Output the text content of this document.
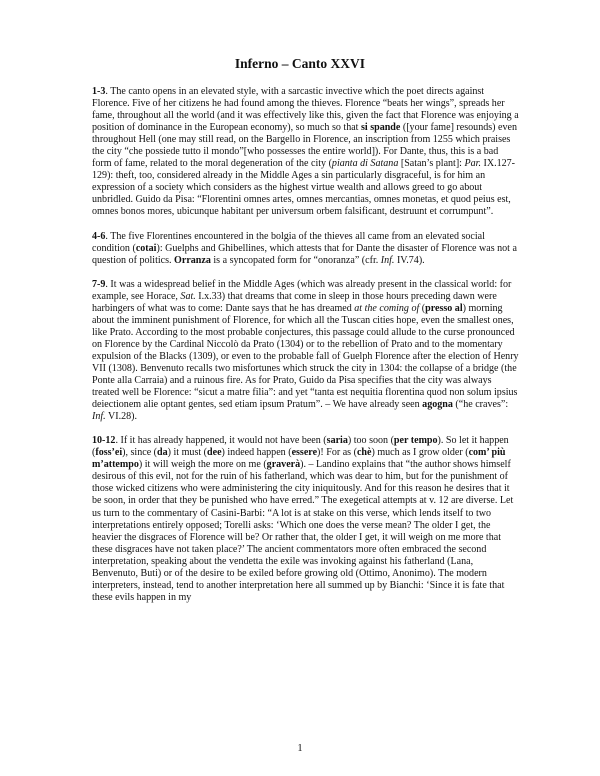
Inferno – Canto XXVI

1-3. The canto opens in an elevated style, with a sarcastic invective which the poet directs against Florence. Five of her citizens he had found among the thieves. Florence “beats her wings”, spreads her fame, throughout all the world (and it was effectively like this, given the fact that Florence was enjoying a position of dominance in the European economy), so much so that si spande ([your fame] resounds) even throughout Hell (one may still read, on the Bargello in Florence, an inscription from 1255 which praises the city “che possiede tutto il mondo”[who possesses the entire world]). For Dante, thus, this is a bad form of fame, related to the moral degeneration of the city (pianta di Satana [Satan’s plant]: Par. IX.127-129): theft, too, considered already in the Middle Ages a sin particularly disgraceful, is for him an expression of a society which considers as the highest virtue wealth and allows greed to go about unbridled. Guido da Pisa: “Florentini omnes artes, omnes mercantias, omnes monetas, et quod peius est, omnes bonos mores, ubicunque habitant per universum orbem falsificant, destruunt et corrumpunt”.

4-6. The five Florentines encountered in the bolgia of the thieves all came from an elevated social condition (cotai): Guelphs and Ghibellines, which attests that for Dante the disaster of Florence was not a question of politics. Orranza is a syncopated form for “onoranza” (cfr. Inf. IV.74).

7-9. It was a widespread belief in the Middle Ages (which was already present in the classical world: for example, see Horace, Sat. I.x.33) that dreams that come in sleep in those hours preceding dawn were harbingers of what was to come: Dante says that he has dreamed at the coming of (presso al) morning about the imminent punishment of Florence, for which all the Tuscan cities hope, even the smallest ones, like Prato. According to the most probable conjectures, this passage could allude to the curse pronounced on Florence by the Cardinal Niccolò da Prato (1304) or to the rebellion of Prato and to the momentary expulsion of the Blacks (1309), or even to the probable fall of Guelph Florence after the election of Henry VII (1308). Benvenuto recalls two misfortunes which struck the city in 1304: the collapse of a bridge (the Ponte alla Carraia) and a ruinous fire. As for Prato, Guido da Pisa specifies that the city was always treated well be Florence: “sicut a matre filia”: and yet “tanta est nequitia florentina quod non solum ipsius deiectionem alie optant gentes, sed etiam ipsum Pratum”. – We have already seen agogna (“he craves”: Inf. VI.28).

10-12. If it has already happened, it would not have been (saria) too soon (per tempo). So let it happen (foss’ei), since (da) it must (dee) indeed happen (essere)! For as (chè) much as I grow older (com’ più m’attempo) it will weigh the more on me (graverà). – Landino explains that “the author shows himself desirous of this evil, not for the ruin of his fatherland, which was dear to him, but for the punishment of those wicked citizens who were administering the city iniquitously. And for this reason he desires that it be soon, in order that they be punished who have erred.” The exegetical attempts at v. 12 are diverse. Let us turn to the commentary of Casini-Barbi: “A lot is at stake on this verse, which lends itself to two interpretations entirely opposed; Torelli asks: ‘Which one does the verse mean? The older I get, the heavier the disgraces of Florence will be? Or rather that, the older I get, it will weigh on me more that these disgraces have not taken place?’ The ancient commentators more often embraced the second interpretation, speaking about the vendetta the exile was invoking against his fatherland (Lana, Benvenuto, Buti) or of the desire to be exiled before growing old (Ottimo, Anonimo). The modern interpreters, instead, tend to another interpretation here all summed up by Bianchi: ‘Since it is fate that these evils happen in my

1
